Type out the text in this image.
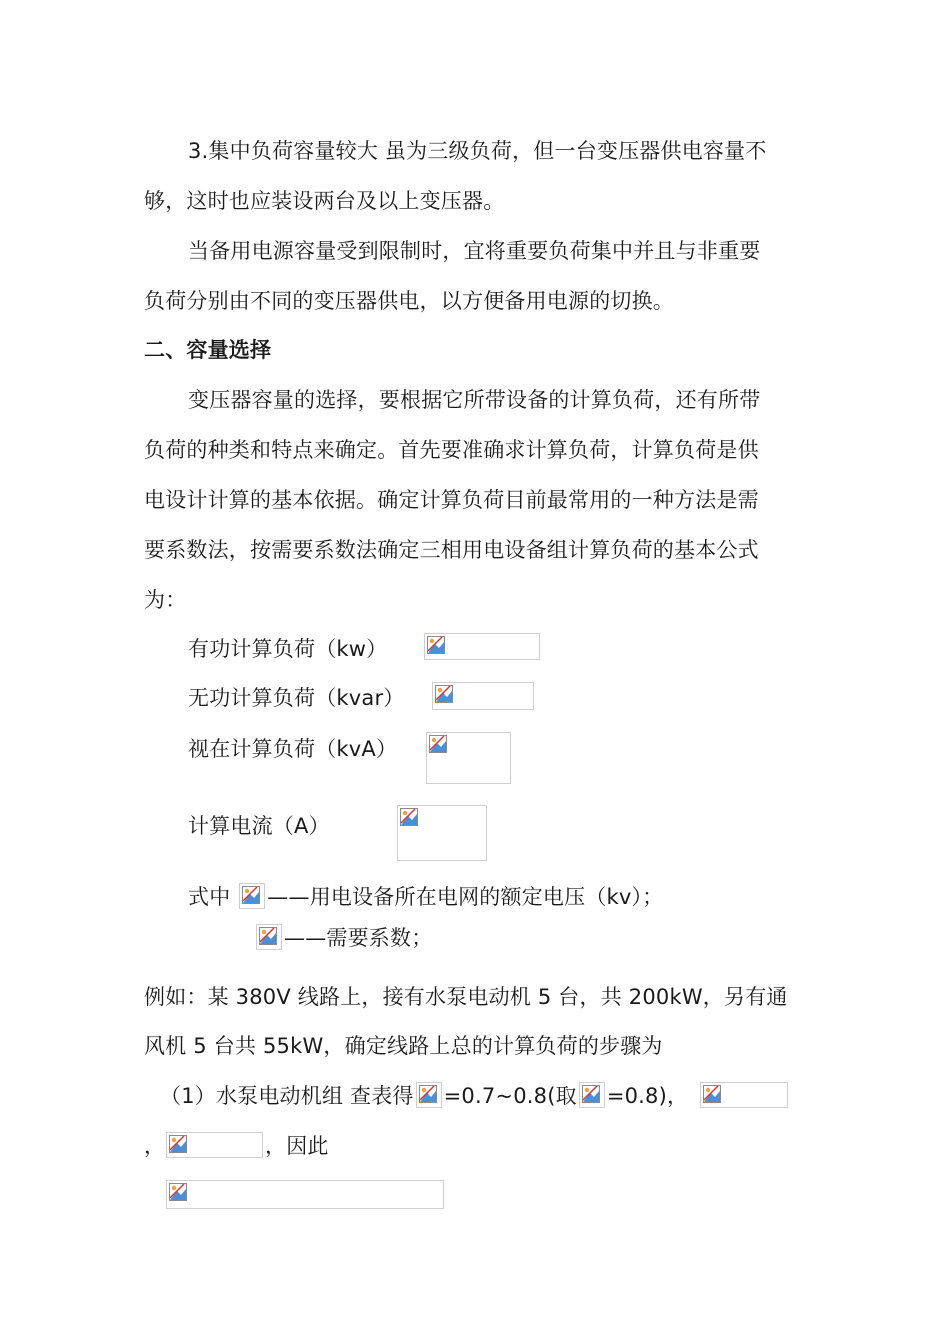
3.集中负荷容量较大 虽为三级负荷，但一台变压器供电容量不
够，这时也应装设两台及以上变压器。
当备用电源容量受到限制时，宜将重要负荷集中并且与非重要
负荷分别由不同的变压器供电，以方便备用电源的切换。
二、容量选择
变压器容量的选择，要根据它所带设备的计算负荷，还有所带
负荷的种类和特点来确定。首先要准确求计算负荷，计算负荷是供
电设计计算的基本依据。确定计算负荷目前最常用的一种方法是需
要系数法，按需要系数法确定三相用电设备组计算负荷的基本公式
为：
有功计算负荷（kw）
无功计算负荷（kvar）
视在计算负荷（kvA）
计算电流（A）
式中 ——用电设备所在电网的额定电压（kv）；
——需要系数；
例如：某 380V 线路上，接有水泵电动机 5 台，共 200kW，另有通
风机 5 台共 55kW，确定线路上总的计算负荷的步骤为
（1）水泵电动机组 查表得 =0.7~0.8(取 =0.8)，
，	，因此
